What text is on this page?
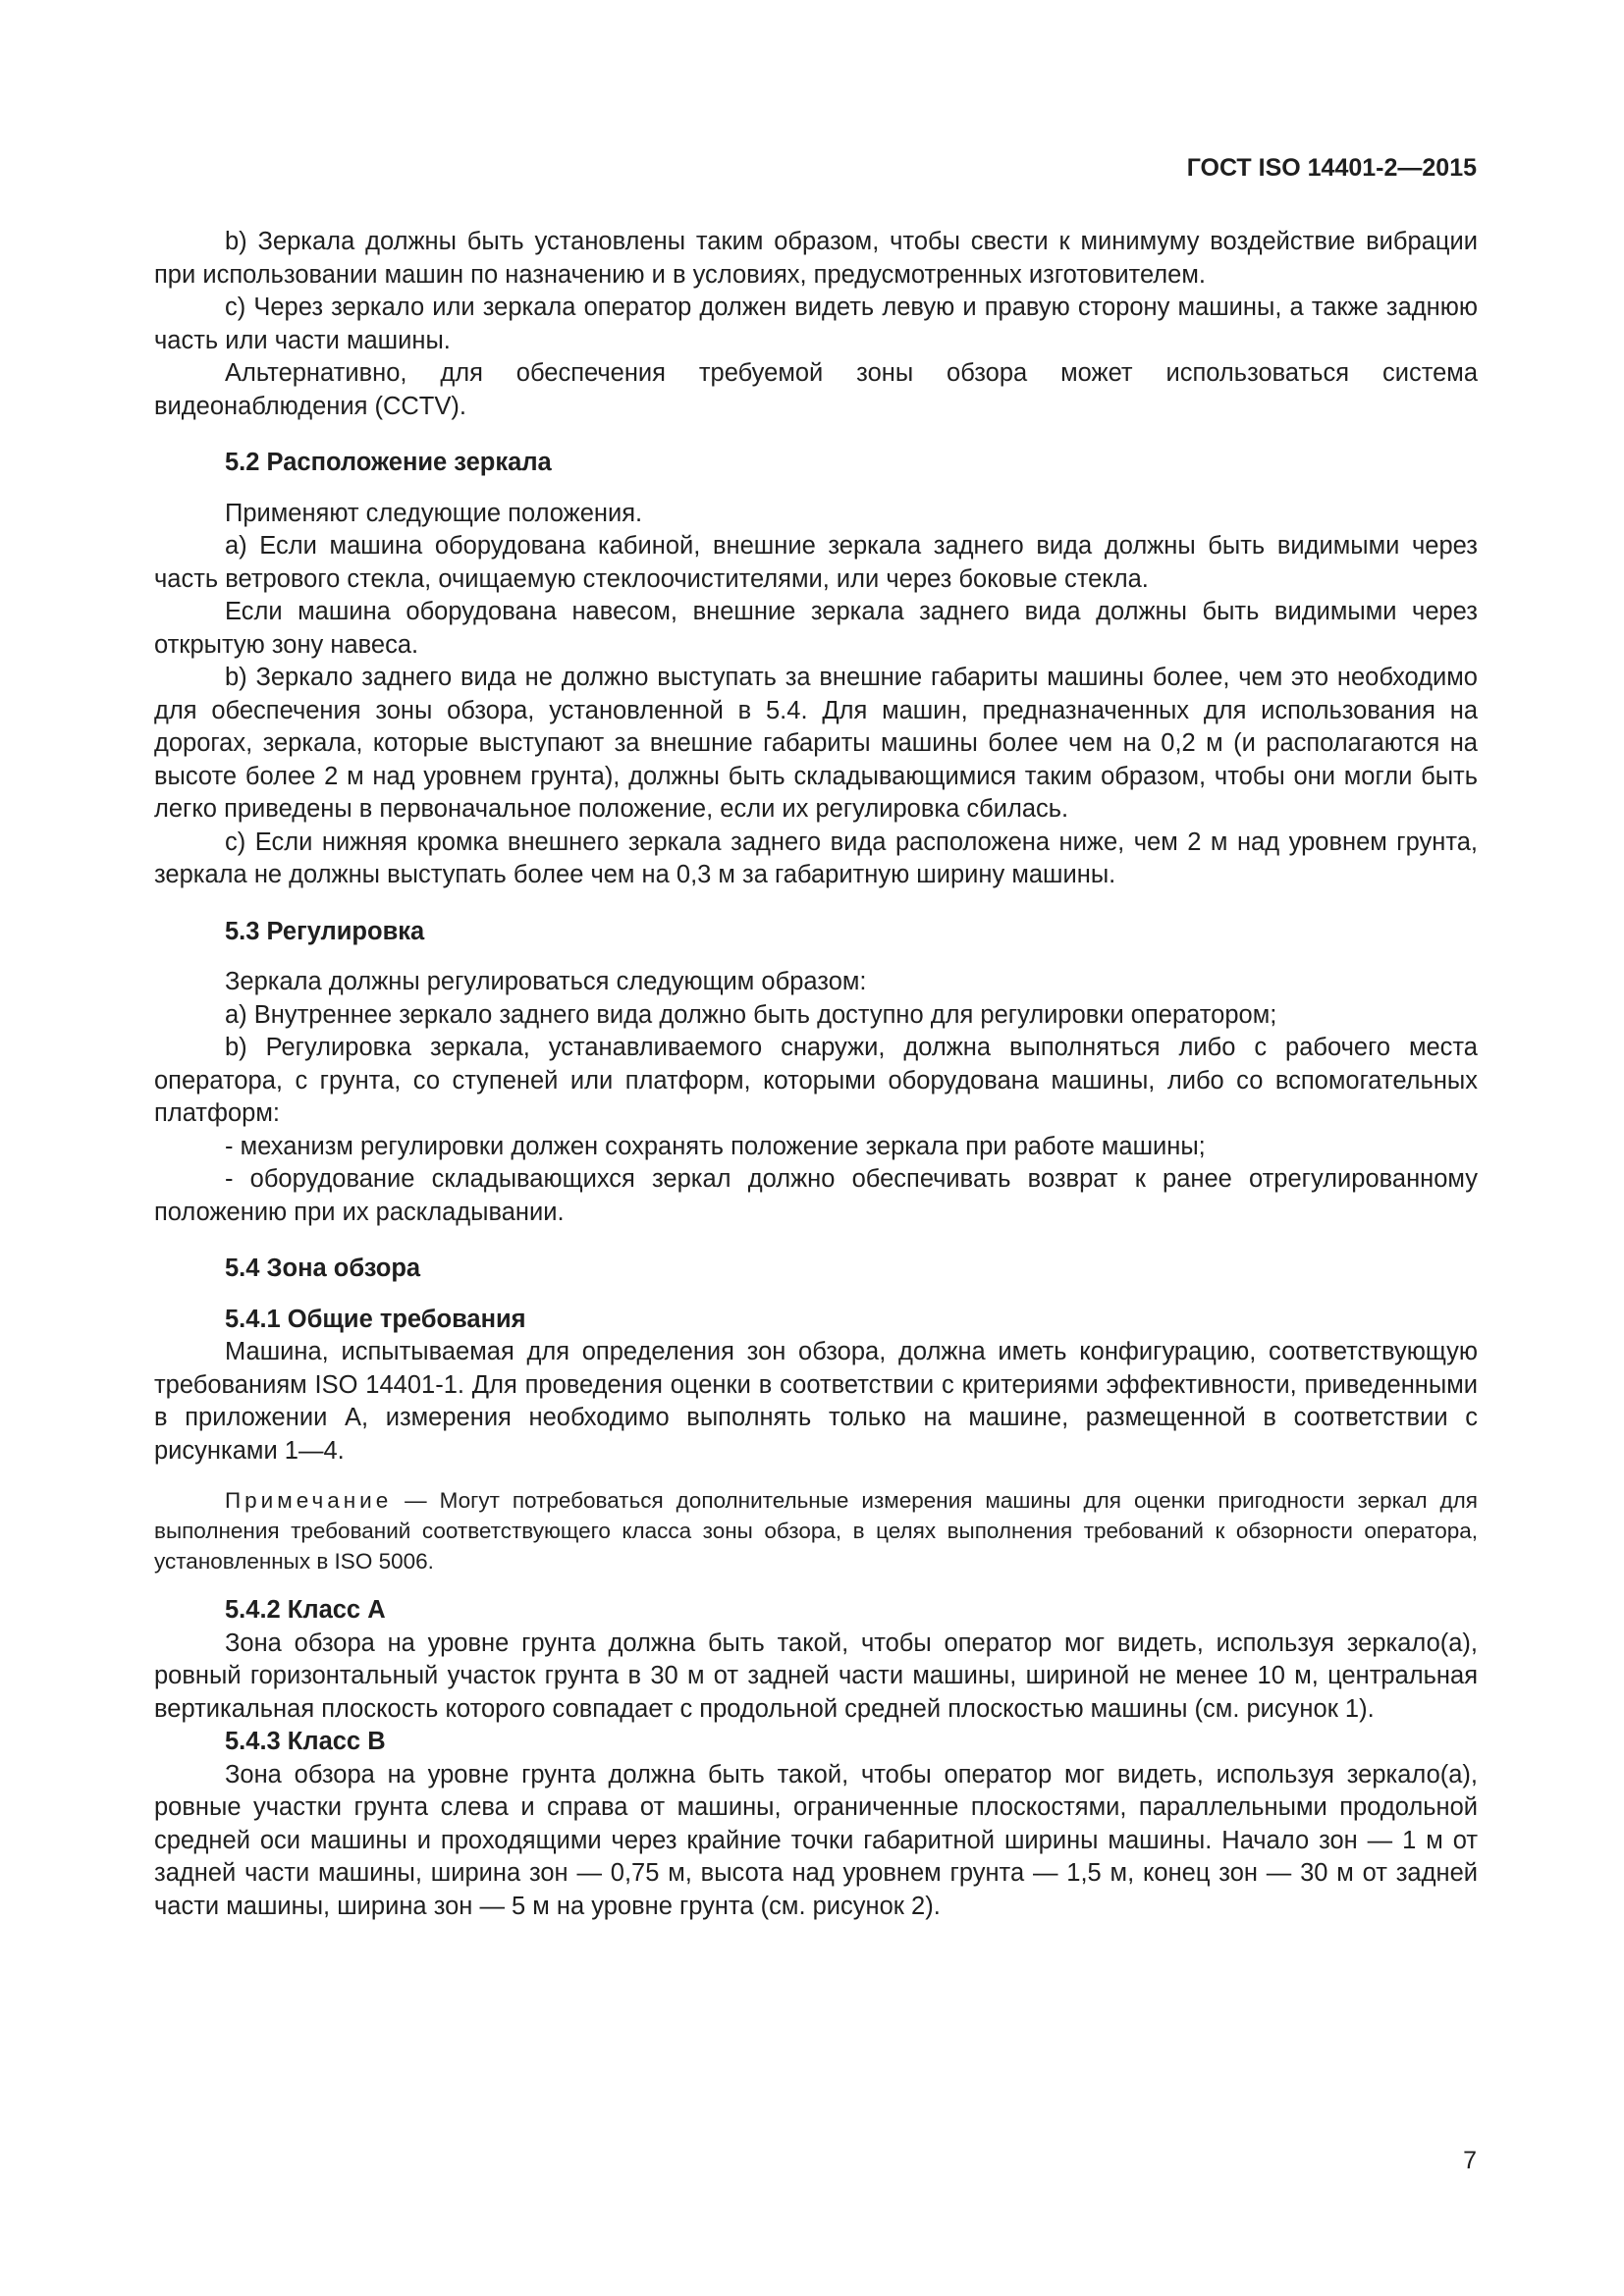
ГОСТ ISO 14401-2—2015

b) Зеркала должны быть установлены таким образом, чтобы свести к минимуму воздействие вибрации при использовании машин по назначению и в условиях, предусмотренных изготовителем.

c) Через зеркало или зеркала оператор должен видеть левую и правую сторону машины, а также заднюю часть или части машины.

Альтернативно, для обеспечения требуемой зоны обзора может использоваться система видеонаблюдения (CCTV).

5.2 Расположение зеркала

Применяют следующие положения.

a) Если машина оборудована кабиной, внешние зеркала заднего вида должны быть видимыми через часть ветрового стекла, очищаемую стеклоочистителями, или через боковые стекла.

Если машина оборудована навесом, внешние зеркала заднего вида должны быть видимыми через открытую зону навеса.

b) Зеркало заднего вида не должно выступать за внешние габариты машины более, чем это необходимо для обеспечения зоны обзора, установленной в 5.4. Для машин, предназначенных для использования на дорогах, зеркала, которые выступают за внешние габариты машины более чем на 0,2 м (и располагаются на высоте более 2 м над уровнем грунта), должны быть складывающимися таким образом, чтобы они могли быть легко приведены в первоначальное положение, если их регулировка сбилась.

c) Если нижняя кромка внешнего зеркала заднего вида расположена ниже, чем 2 м над уровнем грунта, зеркала не должны выступать более чем на 0,3 м за габаритную ширину машины.

5.3 Регулировка

Зеркала должны регулироваться следующим образом:

a) Внутреннее зеркало заднего вида должно быть доступно для регулировки оператором;

b) Регулировка зеркала, устанавливаемого снаружи, должна выполняться либо с рабочего места оператора, с грунта, со ступеней или платформ, которыми оборудована машины, либо со вспомогательных платформ:

- механизм регулировки должен сохранять положение зеркала при работе машины;

- оборудование складывающихся зеркал должно обеспечивать возврат к ранее отрегулированному положению при их раскладывании.

5.4 Зона обзора
5.4.1 Общие требования

Машина, испытываемая для определения зон обзора, должна иметь конфигурацию, соответствующую требованиям ISO 14401-1. Для проведения оценки в соответствии с критериями эффективности, приведенными в приложении А, измерения необходимо выполнять только на машине, размещенной в соответствии с рисунками 1—4.

Примечание — Могут потребоваться дополнительные измерения машины для оценки пригодности зеркал для выполнения требований соответствующего класса зоны обзора, в целях выполнения требований к обзорности оператора, установленных в ISO 5006.

5.4.2 Класс А

Зона обзора на уровне грунта должна быть такой, чтобы оператор мог видеть, используя зеркало(а), ровный горизонтальный участок грунта в 30 м от задней части машины, шириной не менее 10 м, центральная вертикальная плоскость которого совпадает с продольной средней плоскостью машины (см. рисунок 1).

5.4.3 Класс В

Зона обзора на уровне грунта должна быть такой, чтобы оператор мог видеть, используя зеркало(а), ровные участки грунта слева и справа от машины, ограниченные плоскостями, параллельными продольной средней оси машины и проходящими через крайние точки габаритной ширины машины. Начало зон — 1 м от задней части машины, ширина зон — 0,75 м, высота над уровнем грунта — 1,5 м, конец зон — 30 м от задней части машины, ширина зон — 5 м на уровне грунта (см. рисунок 2).

7
